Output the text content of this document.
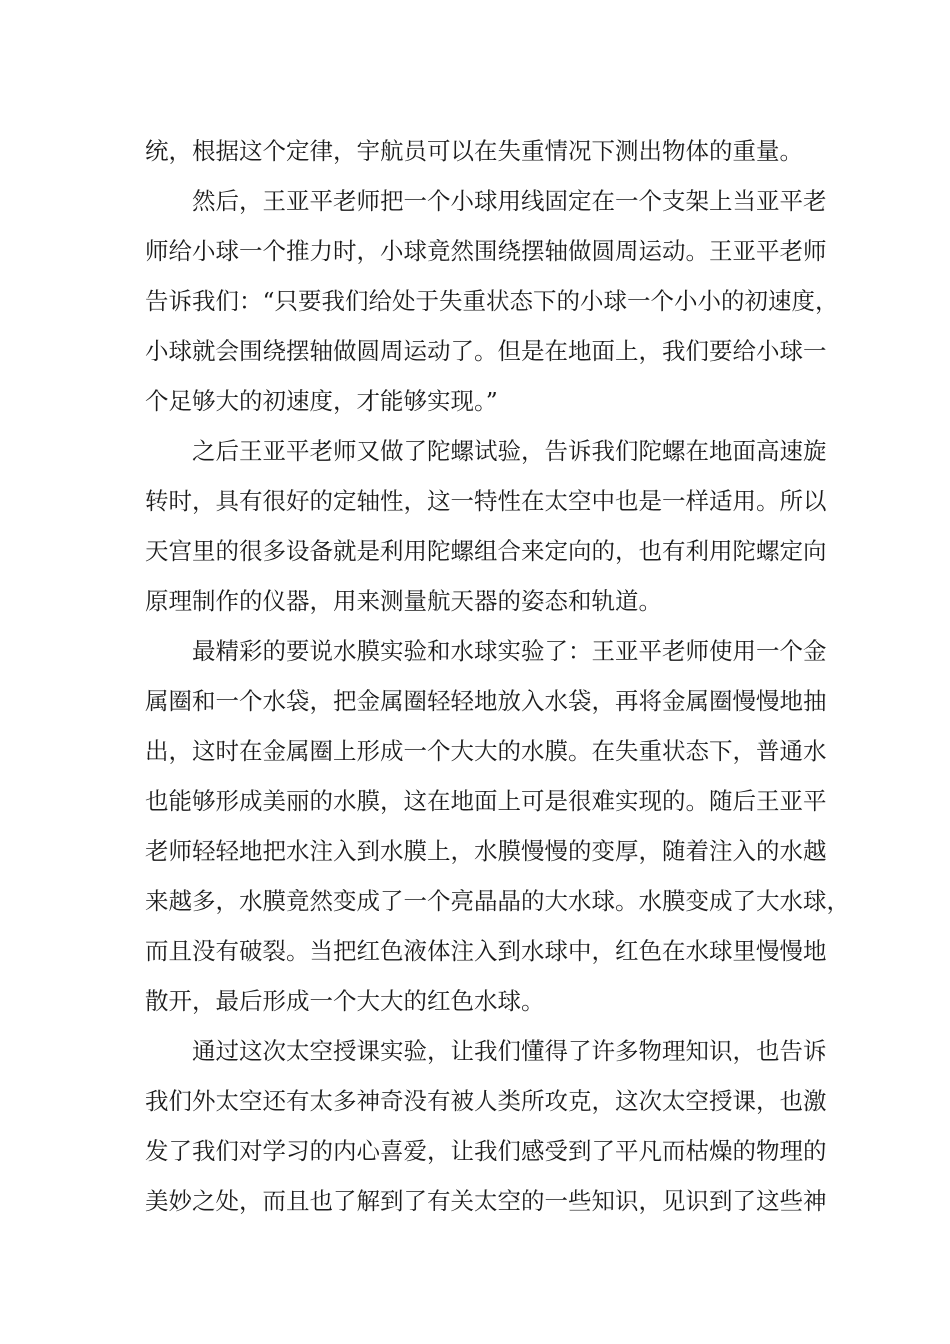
统，根据这个定律，宇航员可以在失重情况下测出物体的重量。
然后，王亚平老师把一个小球用线固定在一个支架上当亚平老
师给小球一个推力时，小球竟然围绕摆轴做圆周运动。王亚平老师
告诉我们：“只要我们给处于失重状态下的小球一个小小的初速度，
小球就会围绕摆轴做圆周运动了。但是在地面上，我们要给小球一
个足够大的初速度，才能够实现。”
之后王亚平老师又做了陀螺试验，告诉我们陀螺在地面高速旋
转时，具有很好的定轴性，这一特性在太空中也是一样适用。所以
天宫里的很多设备就是利用陀螺组合来定向的，也有利用陀螺定向
原理制作的仪器，用来测量航天器的姿态和轨道。
最精彩的要说水膜实验和水球实验了：王亚平老师使用一个金
属圈和一个水袋，把金属圈轻轻地放入水袋，再将金属圈慢慢地抽
出，这时在金属圈上形成一个大大的水膜。在失重状态下，普通水
也能够形成美丽的水膜，这在地面上可是很难实现的。随后王亚平
老师轻轻地把水注入到水膜上，水膜慢慢的变厚，随着注入的水越
来越多，水膜竟然变成了一个亮晶晶的大水球。水膜变成了大水球，
而且没有破裂。当把红色液体注入到水球中，红色在水球里慢慢地
散开，最后形成一个大大的红色水球。
通过这次太空授课实验，让我们懂得了许多物理知识，也告诉
我们外太空还有太多神奇没有被人类所攻克，这次太空授课，也激
发了我们对学习的内心喜爱，让我们感受到了平凡而枯燥的物理的
美妙之处，而且也了解到了有关太空的一些知识，见识到了这些神
